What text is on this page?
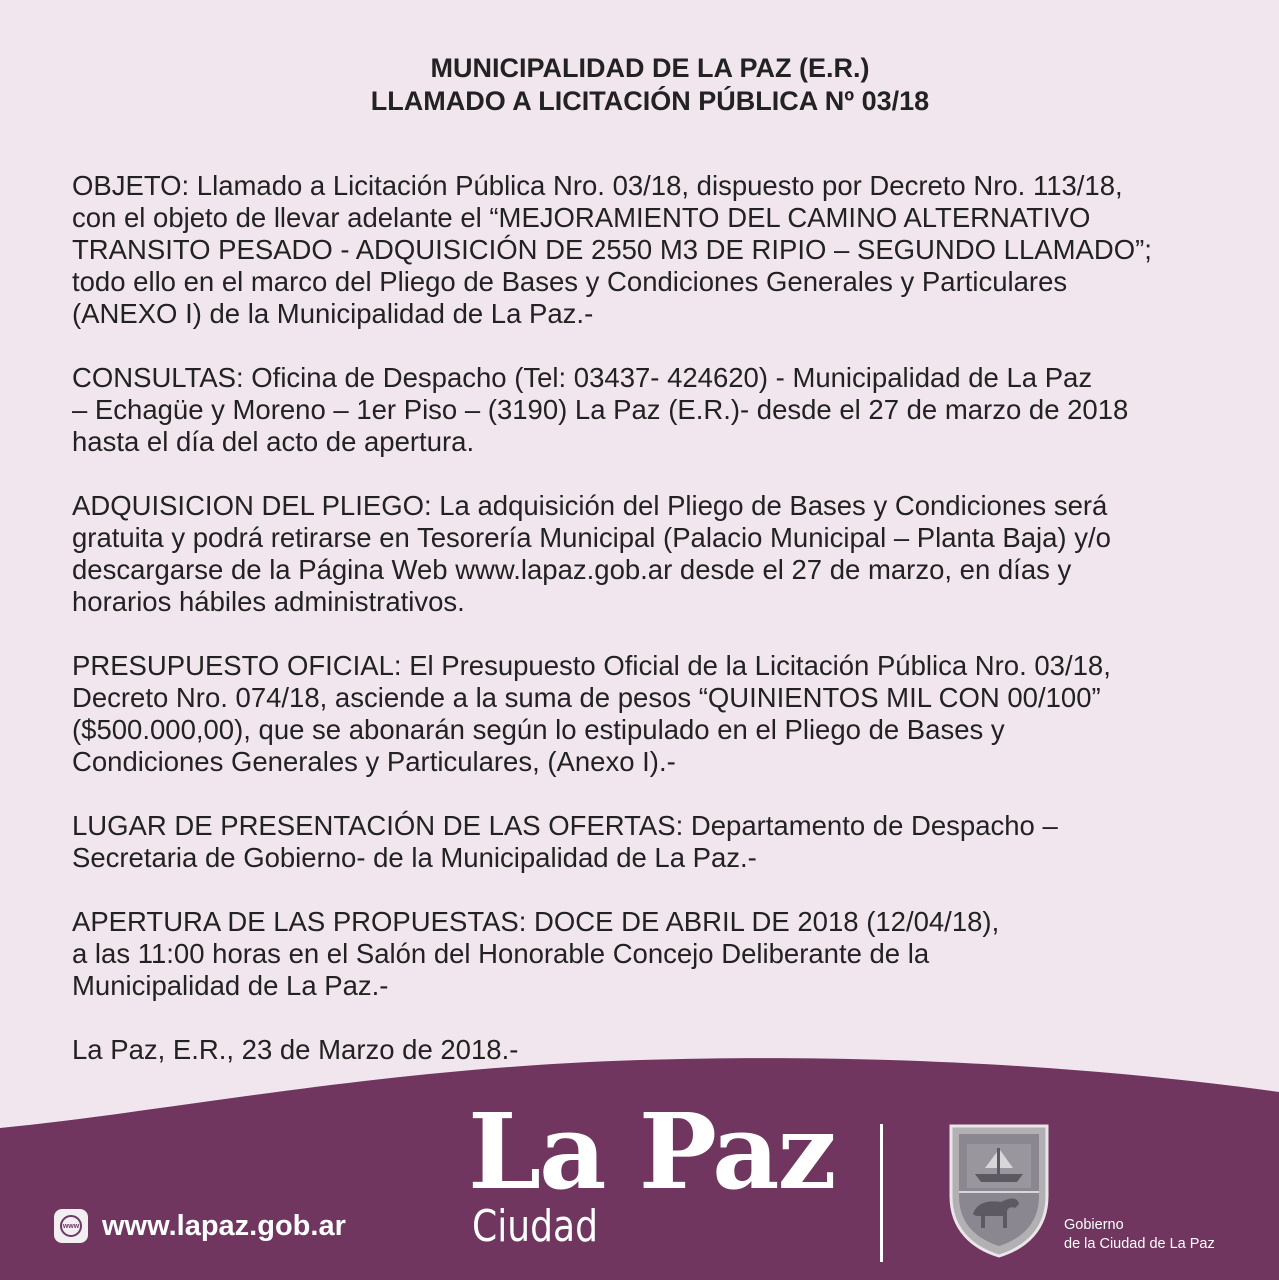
MUNICIPALIDAD DE LA PAZ (E.R.)
LLAMADO A LICITACIÓN PÚBLICA Nº 03/18

OBJETO: Llamado a Licitación Pública Nro. 03/18, dispuesto por Decreto Nro. 113/18,
con el objeto de llevar adelante el “MEJORAMIENTO DEL CAMINO ALTERNATIVO
TRANSITO PESADO - ADQUISICIÓN DE 2550 M3 DE RIPIO – SEGUNDO LLAMADO”;
todo ello en el marco del Pliego de Bases y Condiciones Generales y Particulares
(ANEXO I) de la Municipalidad de La Paz.-

CONSULTAS: Oficina de Despacho (Tel: 03437- 424620) - Municipalidad de La Paz
– Echagüe y Moreno – 1er Piso – (3190) La Paz (E.R.)- desde el 27 de marzo de 2018
hasta el día del acto de apertura.

ADQUISICION DEL PLIEGO: La adquisición del Pliego de Bases y Condiciones será
gratuita y podrá retirarse en Tesorería Municipal (Palacio Municipal – Planta Baja) y/o
descargarse de la Página Web www.lapaz.gob.ar desde el 27 de marzo, en días y
horarios hábiles administrativos.

PRESUPUESTO OFICIAL: El Presupuesto Oficial de la Licitación Pública Nro. 03/18,
Decreto Nro. 074/18, asciende a la suma de pesos “QUINIENTOS MIL CON 00/100”
($500.000,00), que se abonarán según lo estipulado en el Pliego de Bases y
Condiciones Generales y Particulares, (Anexo I).-

LUGAR DE PRESENTACIÓN DE LAS OFERTAS: Departamento de Despacho –
Secretaria de Gobierno- de la Municipalidad de La Paz.-

APERTURA DE LAS PROPUESTAS: DOCE DE ABRIL DE 2018 (12/04/18),
a las 11:00 horas en el Salón del Honorable Concejo Deliberante de la
Municipalidad de La Paz.-

La Paz, E.R., 23 de Marzo de 2018.-

www www.lapaz.gob.ar
La Paz
Ciudad	Gobierno
de la Ciudad de La Paz
